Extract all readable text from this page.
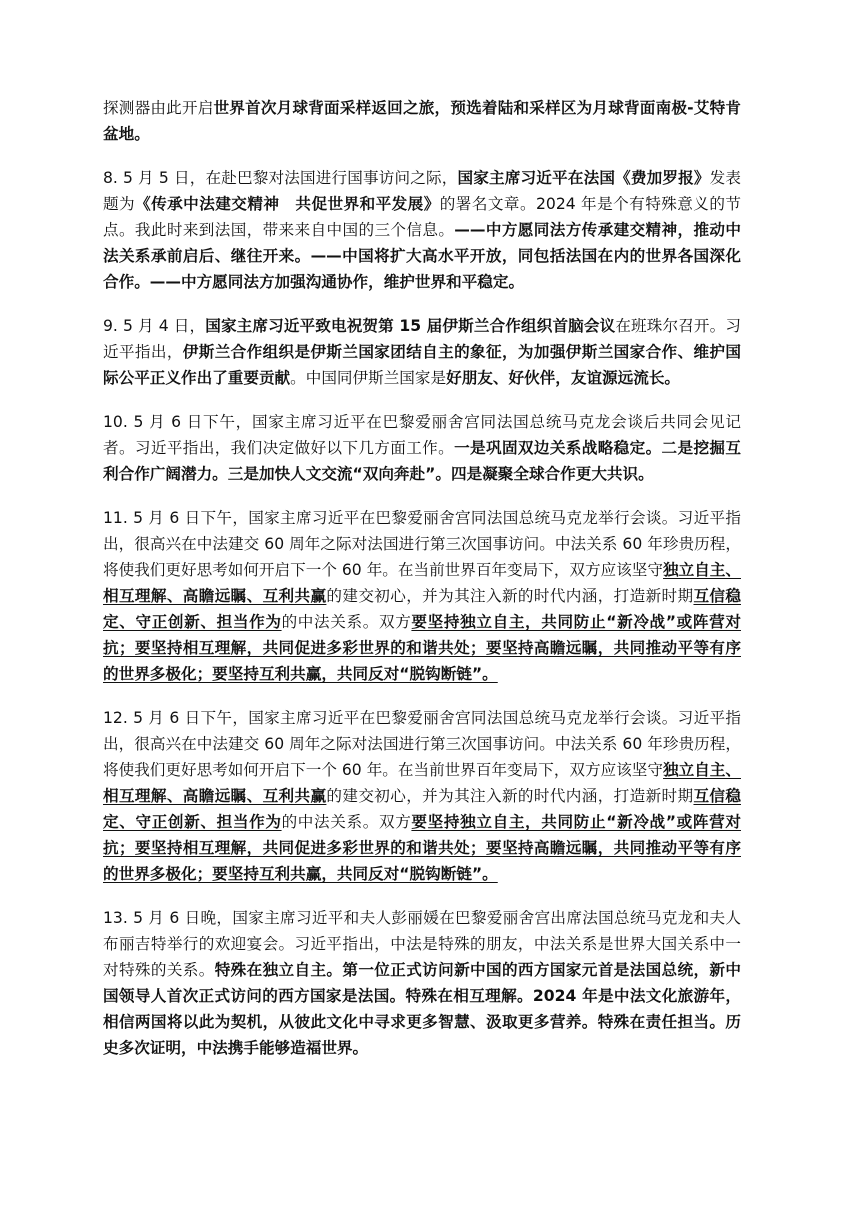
探测器由此开启世界首次月球背面采样返回之旅，预选着陆和采样区为月球背面南极-艾特肯盆地。

8. 5 月 5 日，在赴巴黎对法国进行国事访问之际，国家主席习近平在法国《费加罗报》发表题为《传承中法建交精神　共促世界和平发展》的署名文章。2024 年是个有特殊意义的节点。我此时来到法国，带来来自中国的三个信息。——中方愿同法方传承建交精神，推动中法关系承前启后、继往开来。——中国将扩大高水平开放，同包括法国在内的世界各国深化合作。——中方愿同法方加强沟通协作，维护世界和平稳定。

9. 5 月 4 日，国家主席习近平致电祝贺第 15 届伊斯兰合作组织首脑会议在班珠尔召开。习近平指出，伊斯兰合作组织是伊斯兰国家团结自主的象征，为加强伊斯兰国家合作、维护国际公平正义作出了重要贡献。中国同伊斯兰国家是好朋友、好伙伴，友谊源远流长。

10. 5 月 6 日下午，国家主席习近平在巴黎爱丽舍宫同法国总统马克龙会谈后共同会见记者。习近平指出，我们决定做好以下几方面工作。一是巩固双边关系战略稳定。二是挖掘互利合作广阔潜力。三是加快人文交流“双向奔赴”。四是凝聚全球合作更大共识。

11. 5 月 6 日下午，国家主席习近平在巴黎爱丽舍宫同法国总统马克龙举行会谈。习近平指出，很高兴在中法建交 60 周年之际对法国进行第三次国事访问。中法关系 60 年珍贵历程，将使我们更好思考如何开启下一个 60 年。在当前世界百年变局下，双方应该坚守独立自主、相互理解、高瞻远瞩、互利共赢的建交初心，并为其注入新的时代内涵，打造新时期互信稳定、守正创新、担当作为的中法关系。双方要坚持独立自主，共同防止“新冷战”或阵营对抗；要坚持相互理解，共同促进多彩世界的和谐共处；要坚持高瞻远瞩，共同推动平等有序的世界多极化；要坚持互利共赢，共同反对“脱钩断链”。

12. 5 月 6 日下午，国家主席习近平在巴黎爱丽舍宫同法国总统马克龙举行会谈。习近平指出，很高兴在中法建交 60 周年之际对法国进行第三次国事访问。中法关系 60 年珍贵历程，将使我们更好思考如何开启下一个 60 年。在当前世界百年变局下，双方应该坚守独立自主、相互理解、高瞻远瞩、互利共赢的建交初心，并为其注入新的时代内涵，打造新时期互信稳定、守正创新、担当作为的中法关系。双方要坚持独立自主，共同防止“新冷战”或阵营对抗；要坚持相互理解，共同促进多彩世界的和谐共处；要坚持高瞻远瞩，共同推动平等有序的世界多极化；要坚持互利共赢，共同反对“脱钩断链”。

13. 5 月 6 日晚，国家主席习近平和夫人彭丽媛在巴黎爱丽舍宫出席法国总统马克龙和夫人布丽吉特举行的欢迎宴会。习近平指出，中法是特殊的朋友，中法关系是世界大国关系中一对特殊的关系。特殊在独立自主。第一位正式访问新中国的西方国家元首是法国总统，新中国领导人首次正式访问的西方国家是法国。特殊在相互理解。2024 年是中法文化旅游年，相信两国将以此为契机，从彼此文化中寻求更多智慧、汲取更多营养。特殊在责任担当。历史多次证明，中法携手能够造福世界。
